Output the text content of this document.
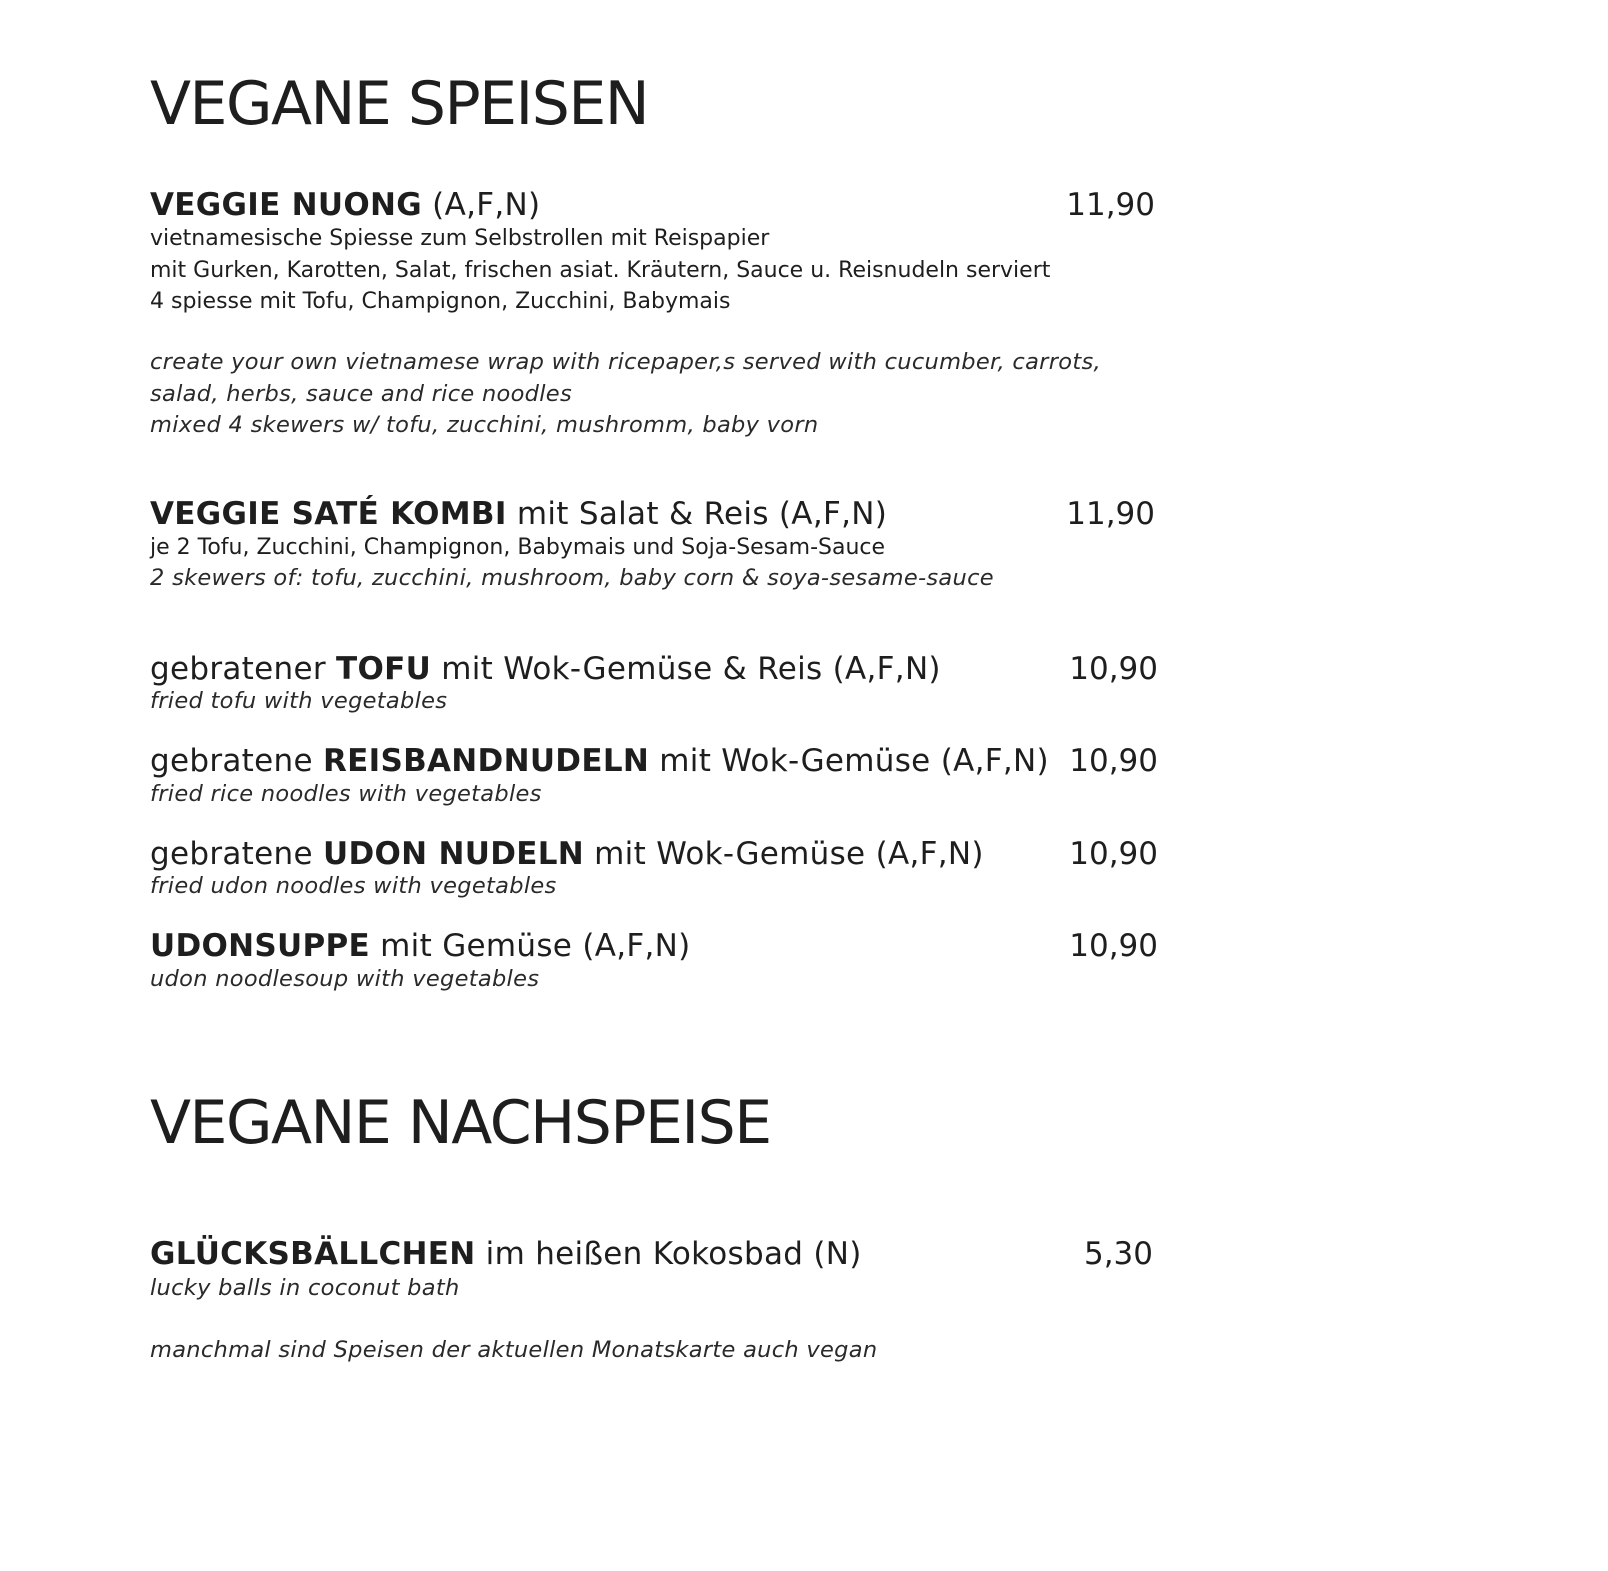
VEGANE SPEISEN
VEGGIE NUONG (A,F,N)	11,90
vietnamesische Spiesse zum Selbstrollen mit Reispapier
mit Gurken, Karotten, Salat, frischen asiat. Kräutern, Sauce u. Reisnudeln serviert
4 spiesse mit Tofu, Champignon, Zucchini, Babymais
create your own vietnamese wrap with ricepaper,s served with cucumber, carrots,
salad, herbs, sauce and rice noodles
mixed 4 skewers w/ tofu, zucchini, mushromm, baby vorn
VEGGIE SATÉ KOMBI mit Salat & Reis (A,F,N)	11,90
je 2 Tofu, Zucchini, Champignon, Babymais und Soja-Sesam-Sauce
2 skewers of: tofu, zucchini, mushroom, baby corn & soya-sesame-sauce
gebratener TOFU mit Wok-Gemüse & Reis (A,F,N)	10,90
fried tofu with vegetables
gebratene REISBANDNUDELN mit Wok-Gemüse (A,F,N) 10,90
fried rice noodles with vegetables
gebratene UDON NUDELN mit Wok-Gemüse (A,F,N)	10,90
fried udon noodles with vegetables
UDONSUPPE mit Gemüse (A,F,N)	10,90
udon noodlesoup with vegetables
VEGANE NACHSPEISE
GLÜCKSBÄLLCHEN im heißen Kokosbad (N)	5,30
lucky balls in coconut bath
manchmal sind Speisen der aktuellen Monatskarte auch vegan
